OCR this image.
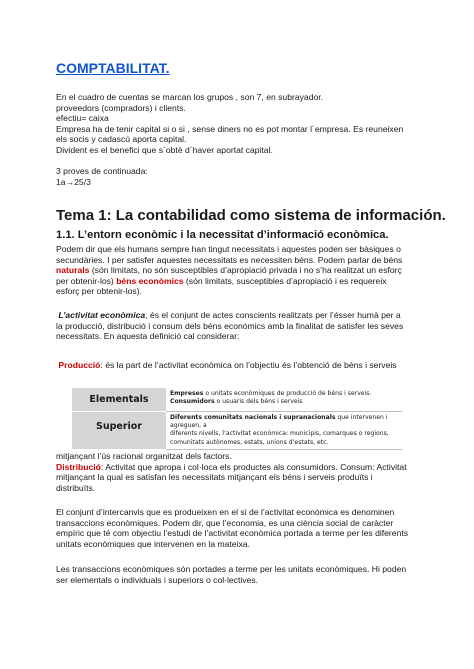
COMPTABILITAT.
En el cuadro de cuentas se marcan los grupos , son 7, en subrayador.
proveedors (compradors) i clients.
efectiu= caixa
Empresa ha de tenir capital si o si , sense diners no es pot montar l´empresa. Es reuneixen
els socis y cadascú aporta capital.
Divident es el benefici que s´obtè d´haver aportat capital.
3 proves de continuada:
1a→25/3
Tema 1: La contabilidad como sistema de información.
1.1. L’entorn econòmic i la necessitat d’informació econòmica.
Podem dir que els humans sempre han tingut necessitats i aquestes poden ser bàsiques o
secundàries. I per satisfer aquestes necessitats es necessiten béns. Podem parlar de béns
naturals (són limitats, no són susceptibles d’apropiació privada i no s’ha realitzat un esforç
per obtenir-los) béns econòmics (són limitats, susceptibles d’apropiació i es requereix
esforç per obtenir-los).
L’activitat econòmica, és el conjunt de actes conscients realitzats per l’ésser humà per a
la producció, distribució i consum dels béns econòmics amb la finalitat de satisfer les seves
necessitats. En aquesta definició cal considerar:
Producció: és la part de l’activitat econòmica on l’objectiu és l’obtenció de béns i serveis
Elementals	Empreses o unitats econòmiques de producció de béns i serveis.
Consumidors o usuaris dels béns i serveis

Superior	Diferents comunitats nacionals i supranacionals que intervenen i agreguen, a
diferents nivells, l’activitat econòmica: municipis, comarques o regions,
comunitats autònomes, estats, unions d’estats, etc.
mitjançant l’ús racional organitzat dels factors.
Distribució: Activitat que apropa i col·loca els productes als consumidors. Consum: Activitat
mitjançant la qual es satisfan les necessitats mitjançant els béns i serveis produïts i
distribuïts.
El conjunt d’intercanvis que es produeixen en el si de l’activitat econòmica es denominen
transaccions econòmiques. Podem dir, que l’economia, es una ciència social de caràcter
empíric que té com objectiu l’estudi de l’activitat econòmica portada a terme per les diferents
unitats econòmiques que intervenen en la mateixa.
Les transaccions econòmiques són portades a terme per les unitats econòmiques. Hi poden
ser elementals o individuals i superiors o col·lectives.
